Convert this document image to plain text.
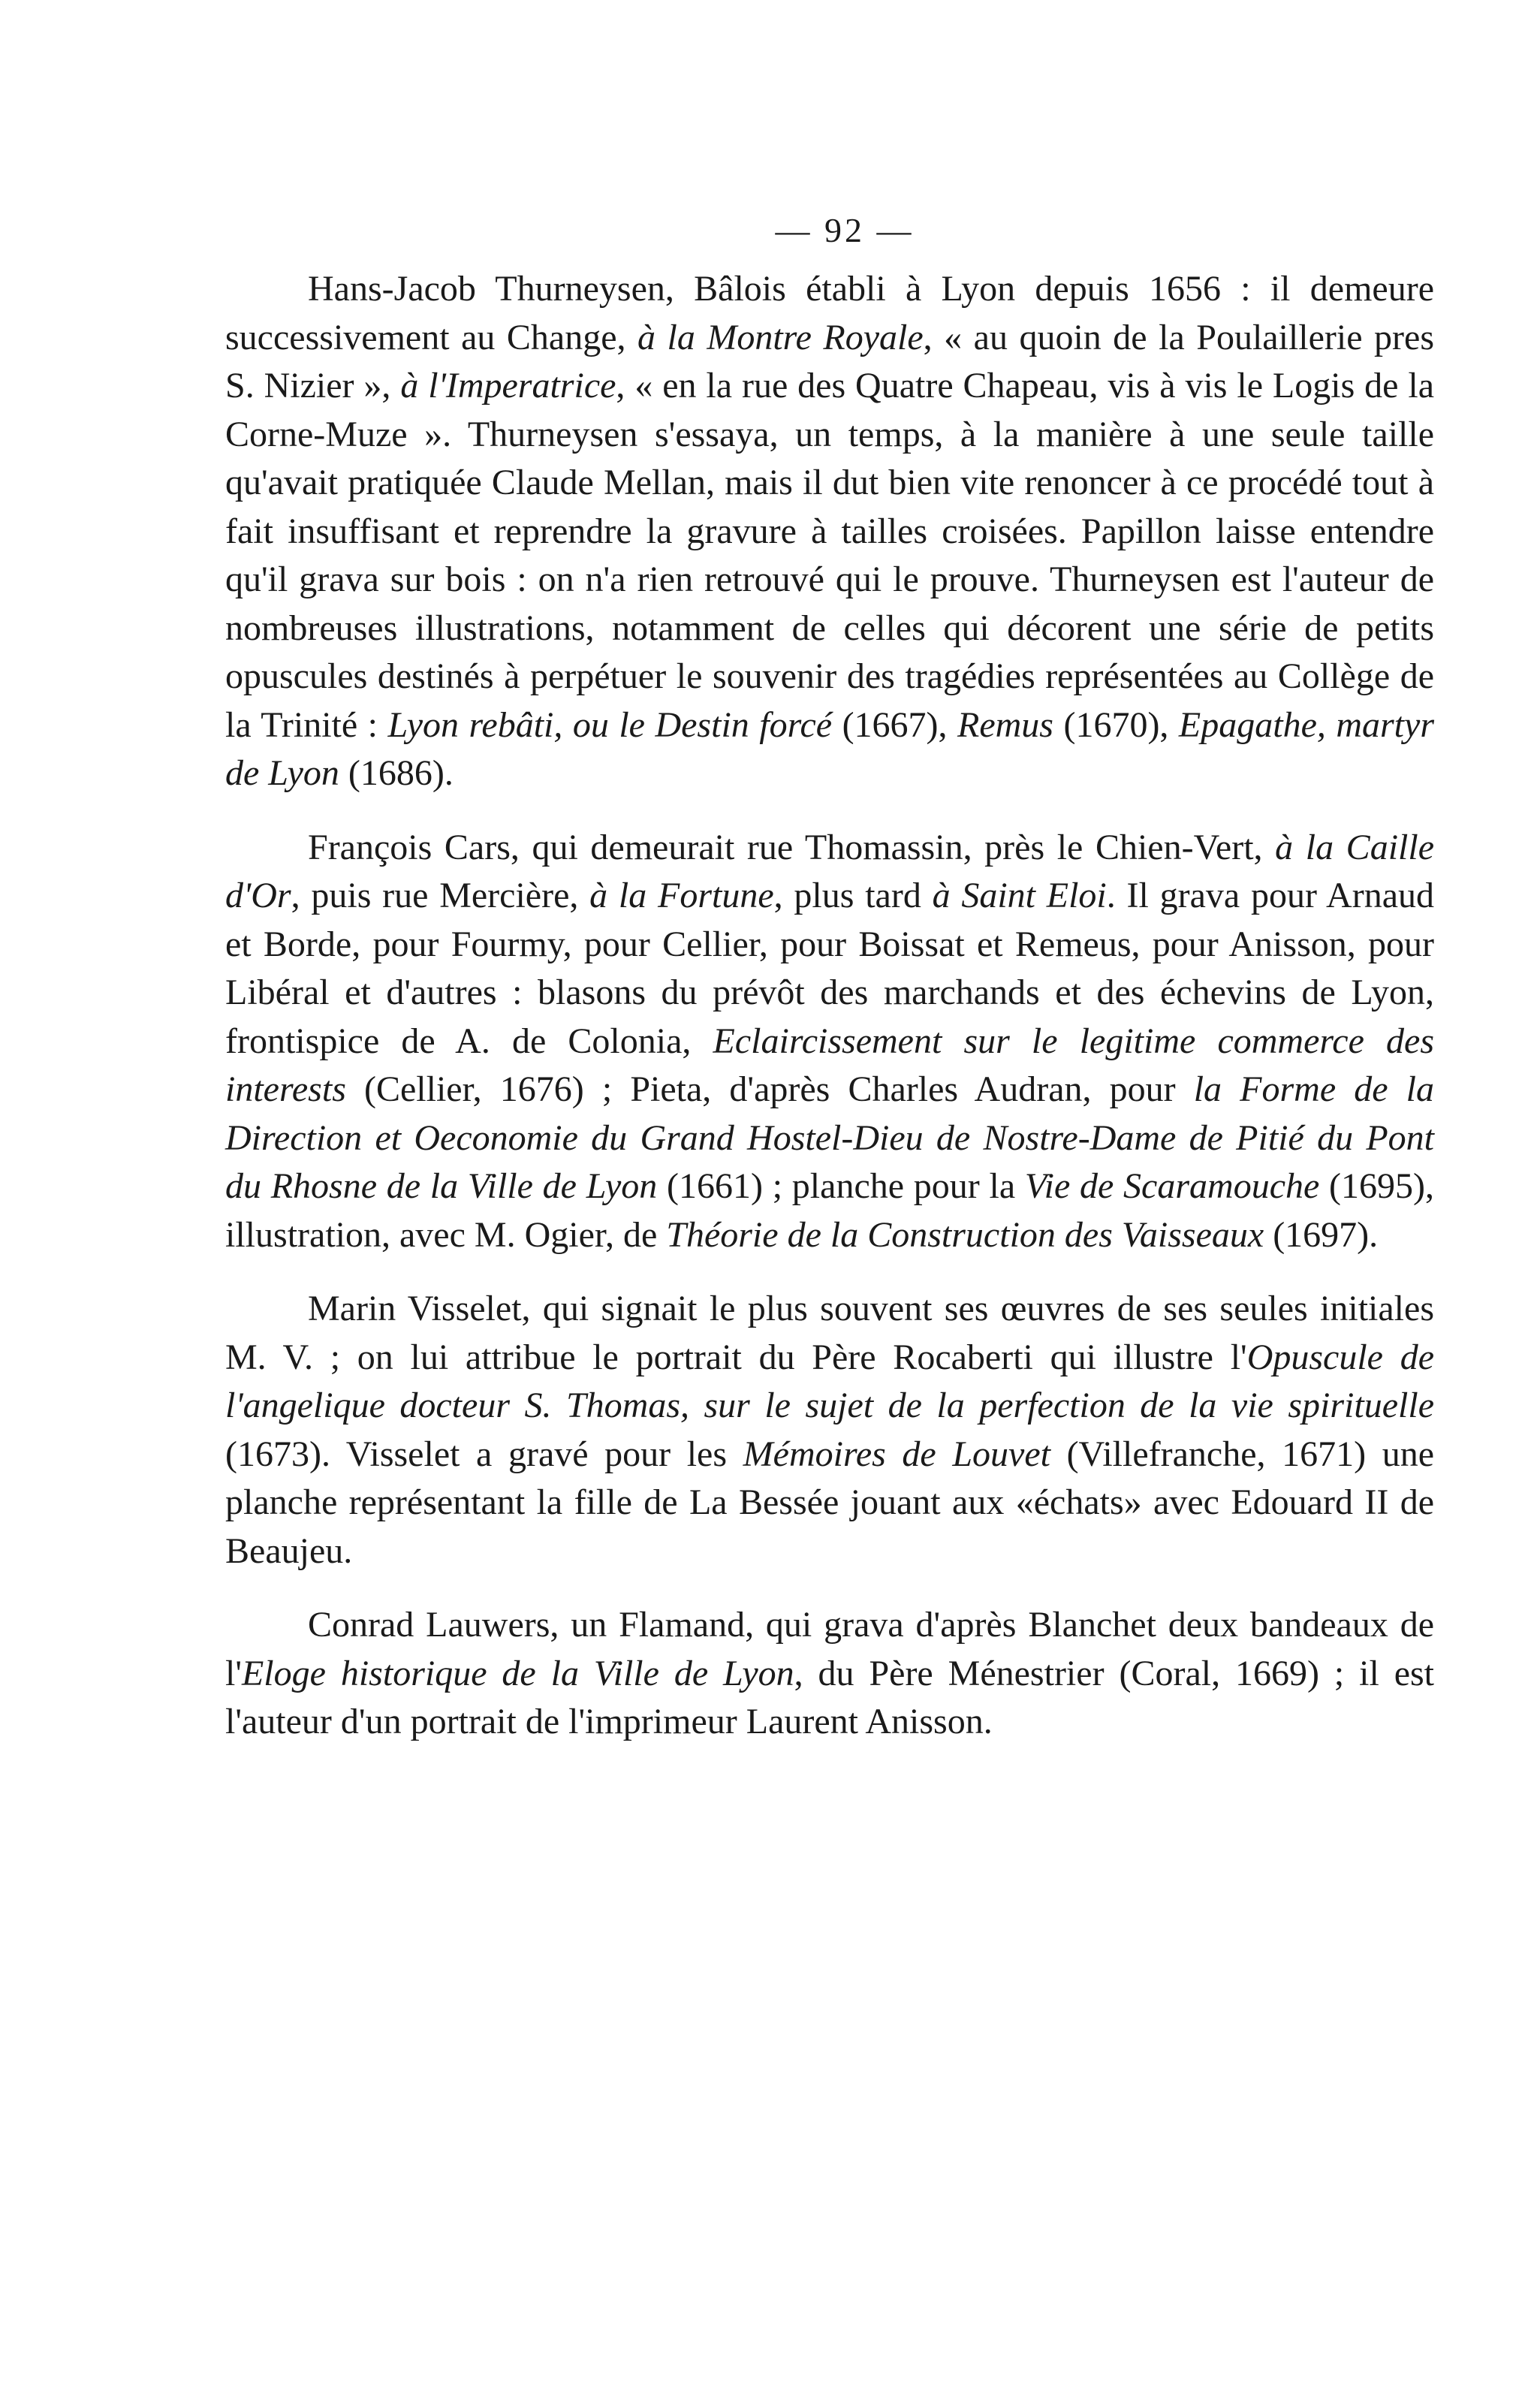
— 92 —

Hans-Jacob Thurneysen, Bâlois établi à Lyon depuis 1656 : il demeure successivement au Change, à la Montre Royale, « au quoin de la Poulaillerie pres S. Nizier », à l'Imperatrice, « en la rue des Quatre Chapeau, vis à vis le Logis de la Corne-Muze ». Thurneysen s'essaya, un temps, à la manière à une seule taille qu'avait pratiquée Claude Mellan, mais il dut bien vite renoncer à ce procédé tout à fait insuffisant et reprendre la gravure à tailles croisées. Papillon laisse entendre qu'il grava sur bois : on n'a rien retrouvé qui le prouve. Thurneysen est l'auteur de nombreuses illustrations, notamment de celles qui décorent une série de petits opuscules destinés à perpétuer le souvenir des tragédies représentées au Collège de la Trinité : Lyon rebâti, ou le Destin forcé (1667), Remus (1670), Epagathe, martyr de Lyon (1686).

François Cars, qui demeurait rue Thomassin, près le Chien-Vert, à la Caille d'Or, puis rue Mercière, à la Fortune, plus tard à Saint Eloi. Il grava pour Arnaud et Borde, pour Fourmy, pour Cellier, pour Boissat et Remeus, pour Anisson, pour Libéral et d'autres : blasons du prévôt des marchands et des échevins de Lyon, frontispice de A. de Colonia, Eclaircissement sur le legitime commerce des interests (Cellier, 1676) ; Pieta, d'après Charles Audran, pour la Forme de la Direction et Oeconomie du Grand Hostel-Dieu de Nostre-Dame de Pitié du Pont du Rhosne de la Ville de Lyon (1661) ; planche pour la Vie de Scaramouche (1695), illustration, avec M. Ogier, de Théorie de la Construction des Vaisseaux (1697).

Marin Visselet, qui signait le plus souvent ses œuvres de ses seules initiales M. V. ; on lui attribue le portrait du Père Rocaberti qui illustre l'Opuscule de l'angelique docteur S. Thomas, sur le sujet de la perfection de la vie spirituelle (1673). Visselet a gravé pour les Mémoires de Louvet (Villefranche, 1671) une planche représentant la fille de La Bessée jouant aux «échats» avec Edouard II de Beaujeu.

Conrad Lauwers, un Flamand, qui grava d'après Blanchet deux bandeaux de l'Eloge historique de la Ville de Lyon, du Père Ménestrier (Coral, 1669) ; il est l'auteur d'un portrait de l'imprimeur Laurent Anisson.
